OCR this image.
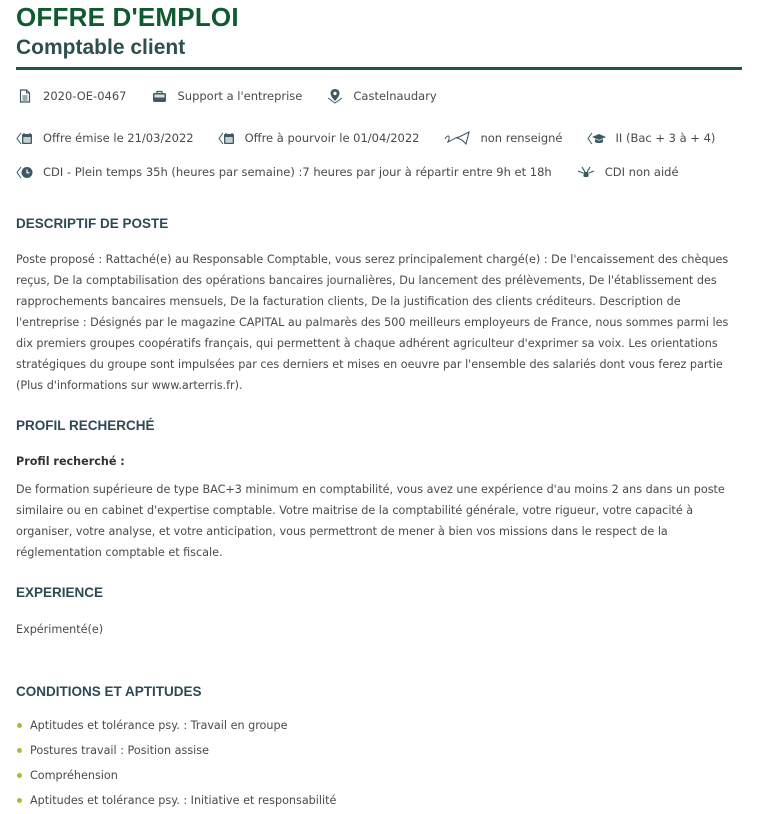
OFFRE D'EMPLOI
Comptable client
2020-OE-0467	Support a l'entreprise	Castelnaudary
Offre émise le 21/03/2022	Offre à pourvoir le 01/04/2022	non renseigné	II (Bac + 3 à + 4)
CDI - Plein temps 35h (heures par semaine) :7 heures par jour à répartir entre 9h et 18h	CDI non aidé
DESCRIPTIF DE POSTE
Poste proposé : Rattaché(e) au Responsable Comptable, vous serez principalement chargé(e) : De l'encaissement des chèques reçus, De la comptabilisation des opérations bancaires journalières, Du lancement des prélèvements, De l'établissement des rapprochements bancaires mensuels, De la facturation clients, De la justification des clients créditeurs. Description de l'entreprise : Désignés par le magazine CAPITAL au palmarès des 500 meilleurs employeurs de France, nous sommes parmi les dix premiers groupes coopératifs français, qui permettent à chaque adhérent agriculteur d'exprimer sa voix. Les orientations stratégiques du groupe sont impulsées par ces derniers et mises en oeuvre par l'ensemble des salariés dont vous ferez partie (Plus d'informations sur www.arterris.fr).
PROFIL RECHERCHÉ
Profil recherché :
De formation supérieure de type BAC+3 minimum en comptabilité, vous avez une expérience d'au moins 2 ans dans un poste similaire ou en cabinet d'expertise comptable. Votre maitrise de la comptabilité générale, votre rigueur, votre capacité à organiser, votre analyse, et votre anticipation, vous permettront de mener à bien vos missions dans le respect de la réglementation comptable et fiscale.
EXPERIENCE
Expérimenté(e)
CONDITIONS ET APTITUDES
Aptitudes et tolérance psy. : Travail en groupe
Postures travail : Position assise
Compréhension
Aptitudes et tolérance psy. : Initiative et responsabilité
